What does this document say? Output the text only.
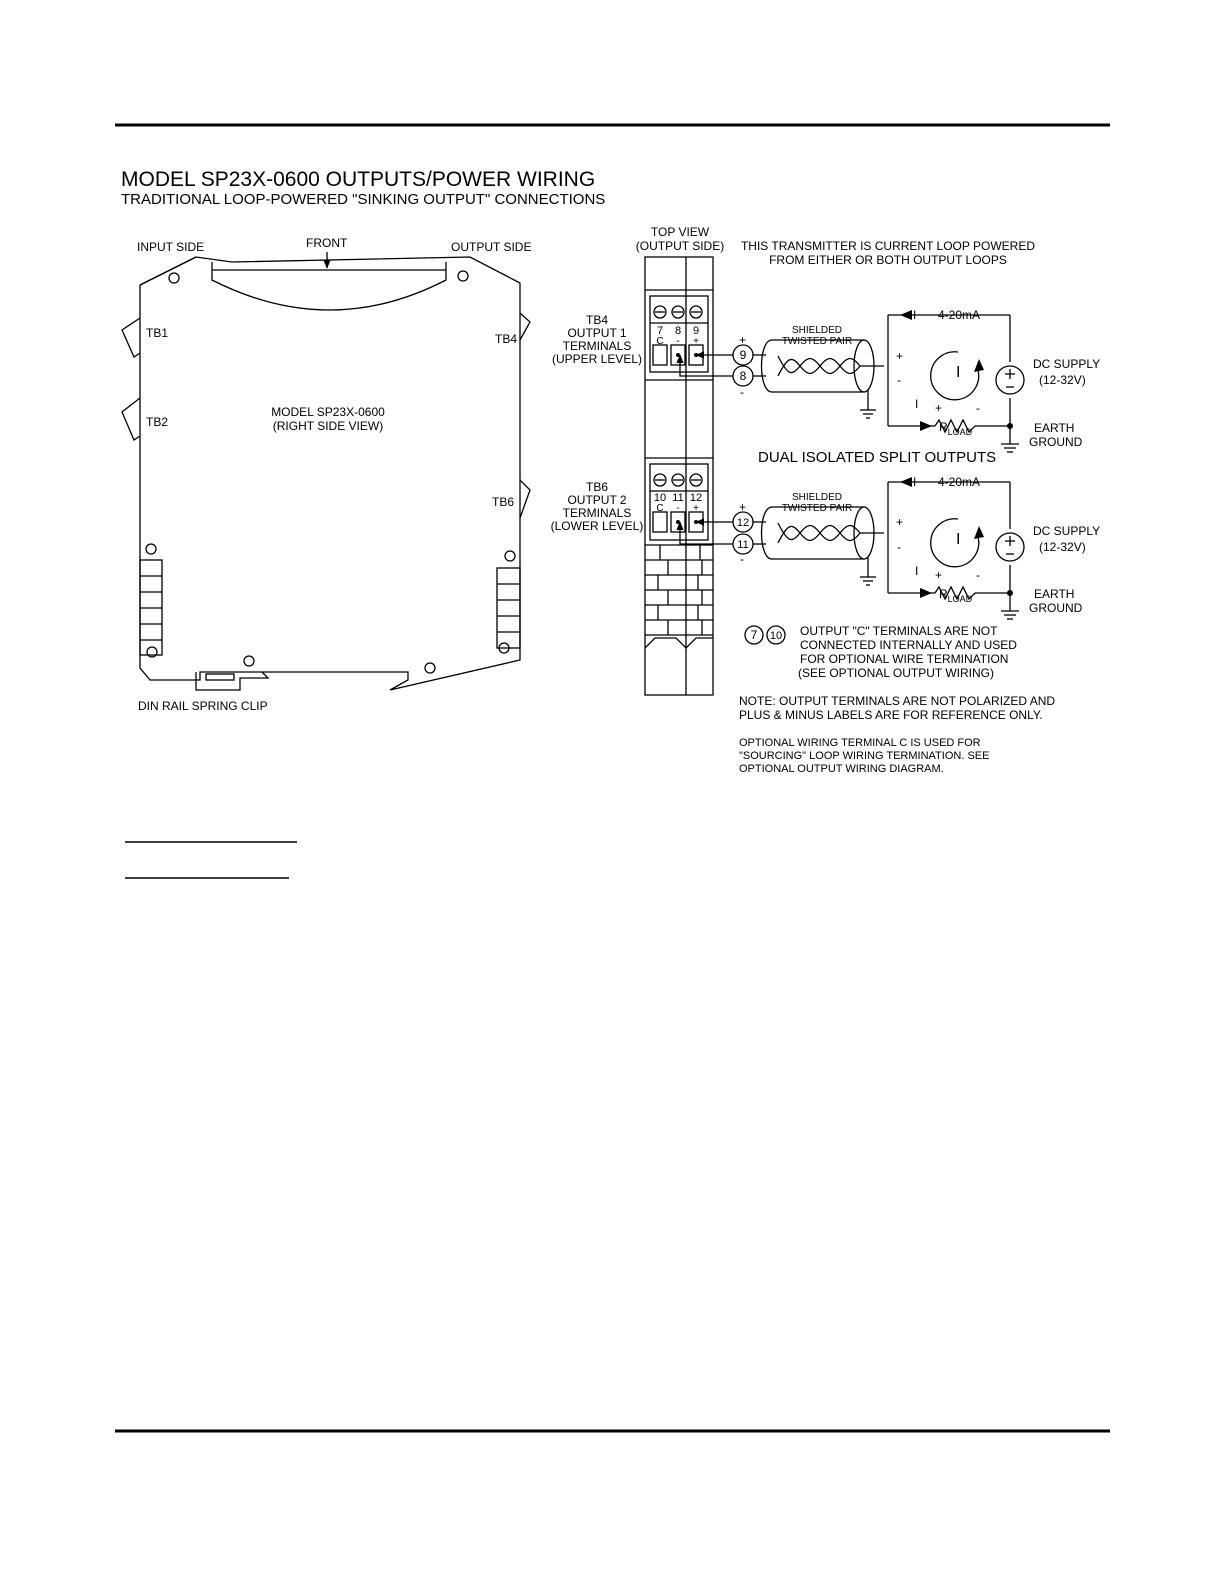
MODEL SP23X-0600 OUTPUTS/POWER WIRING
TRADITIONAL LOOP-POWERED "SINKING OUTPUT" CONNECTIONS
INPUT SIDE	FRONT	OUTPUT SIDE
TB1
TB2
TB4
TB6
MODEL SP23X-0600
(RIGHT SIDE VIEW)
DIN RAIL SPRING CLIP
TOP VIEW
(OUTPUT SIDE) THIS TRANSMITTER IS CURRENT LOOP POWERED
FROM EITHER OR BOTH OUTPUT LOOPS
TB4
OUTPUT 1
TERMINALS
(UPPER LEVEL)
7 8 9
C - +
TB6
OUTPUT 2
TERMINALS
(LOWER LEVEL)
10 11 12
C - +
+
-
9
8
SHIELDED
TWISTED PAIR
+
-
I 4-20mA
I
I +	-
$R_{LOAD}$
DC SUPPLY
(12-32V)
EARTH
GROUND
DUAL ISOLATED SPLIT OUTPUTS
+
-
12
11
SHIELDED
TWISTED PAIR
+
-
I 4-20mA
I
I +	-
$R_{LOAD}$
DC SUPPLY
(12-32V)
EARTH
GROUND
7 10 OUTPUT "C" TERMINALS ARE NOT
CONNECTED INTERNALLY AND USED
FOR OPTIONAL WIRE TERMINATION
(SEE OPTIONAL OUTPUT WIRING)
NOTE: OUTPUT TERMINALS ARE NOT POLARIZED AND
PLUS & MINUS LABELS ARE FOR REFERENCE ONLY.
OPTIONAL WIRING TERMINAL C IS USED FOR
"SOURCING" LOOP WIRING TERMINATION. SEE
OPTIONAL OUTPUT WIRING DIAGRAM.
